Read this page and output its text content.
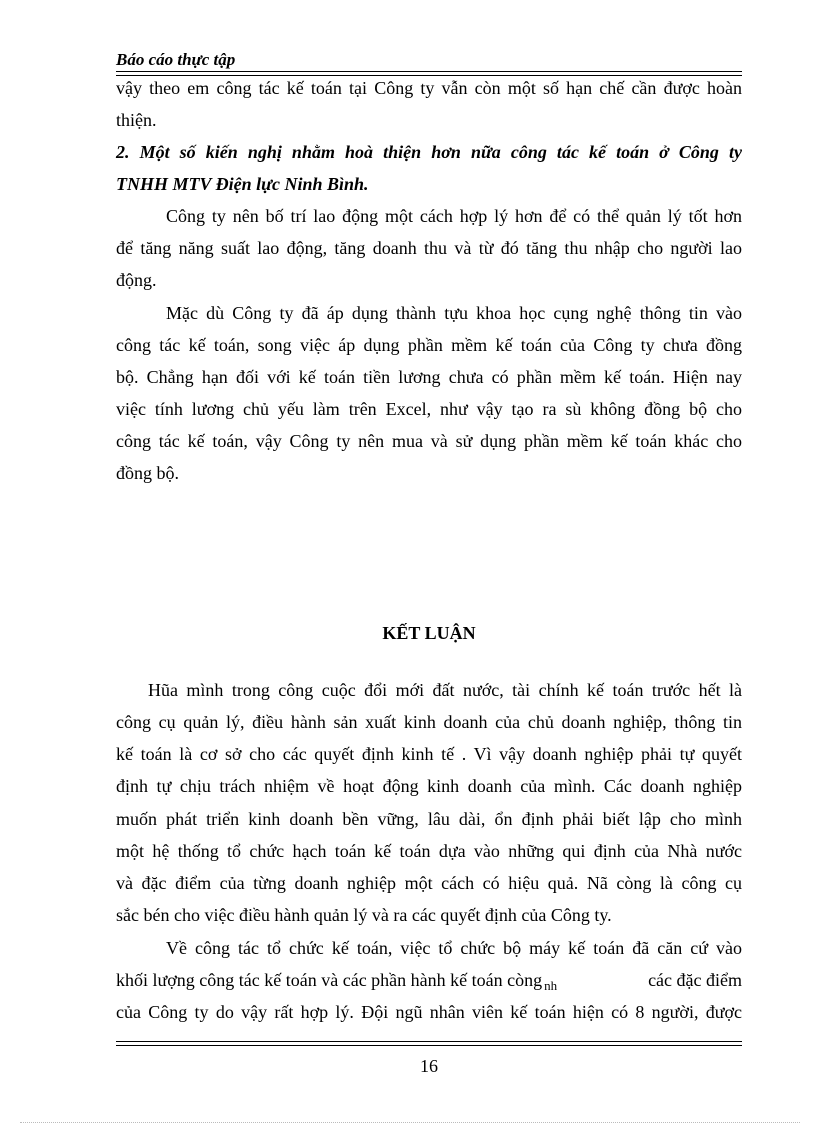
Báo cáo thực tập
vậy theo em công tác kế toán tại Công ty vẫn còn một số hạn chế cần được hoàn
thiện.
2. Một số kiến nghị nhằm hoà thiện hơn nữa công tác kế toán ở Công ty
TNHH MTV Điện lực Ninh Bình.
Công ty nên bố trí lao động một cách hợp lý hơn để có thể quản lý tốt hơn
để tăng năng suất lao động, tăng doanh thu và từ đó tăng thu nhập cho người lao
động.
Mặc dù Công ty đã áp dụng thành tựu khoa học cụng nghệ thông tin vào
công tác kế toán, song việc áp dụng phần mềm kế toán của Công ty chưa đồng
bộ. Chẳng hạn đối với kế toán tiền lương chưa có phần mềm kế toán. Hiện nay
việc tính lương chủ yếu làm trên Excel, như vậy tạo ra sù không đồng bộ cho
công tác kế toán, vậy Công ty nên mua và sử dụng phần mềm kế toán khác cho
đồng bộ.
KẾT LUẬN
Hũa mình trong công cuộc đổi mới đất nước, tài chính kế toán trước hết là
công cụ quản lý, điều hành sản xuất kinh doanh của chủ doanh nghiệp, thông tin
kế toán là cơ sở cho các quyết định kinh tế . Vì vậy doanh nghiệp phải tự quyết
định tự chịu trách nhiệm về hoạt động kinh doanh của mình. Các doanh nghiệp
muốn phát triển kinh doanh bền vững, lâu dài, ổn định phải biết lập cho mình
một hệ thống tổ chức hạch toán kế toán dựa vào những qui định của Nhà nước
và đặc điểm của từng doanh nghiệp một cách có hiệu quả. Nã còng là công cụ
sắc bén cho việc điều hành quản lý và ra các quyết định của Công ty.
Về công tác tổ chức kế toán, việc tổ chức bộ máy kế toán đã căn cứ vào
khối lượng công tác kế toán và các phần hành kế toán còng $_{nh}$	các đặc điểm
của Công ty do vậy rất hợp lý. Đội ngũ nhân viên kế toán hiện có 8 người, được
16
